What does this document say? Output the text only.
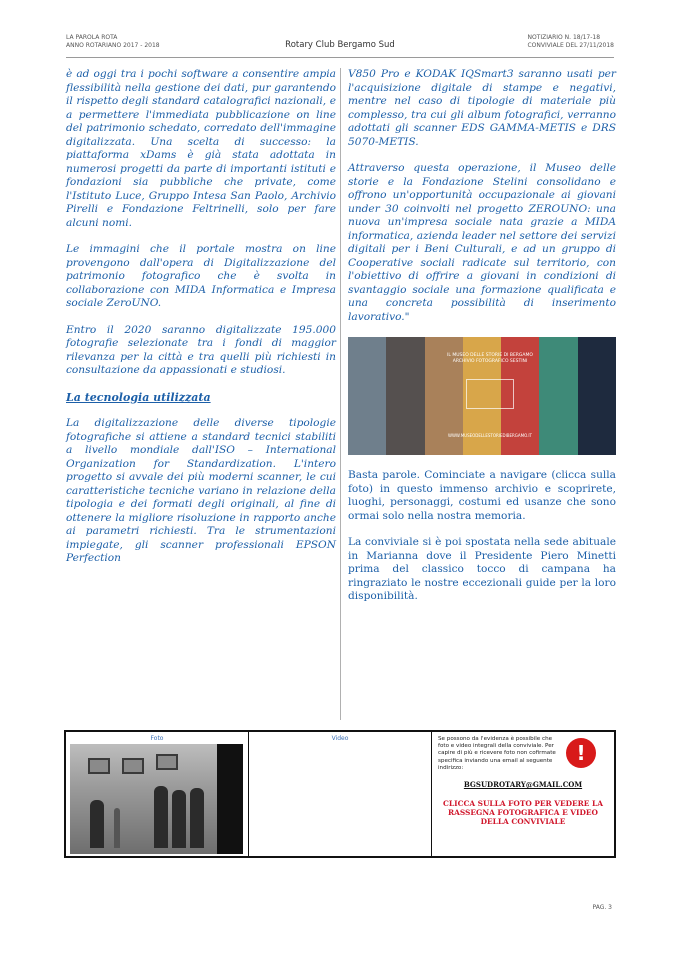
LA PAROLA ROTA
ANNO ROTARIANO 2017 - 2018	Rotary Club Bergamo Sud
NOTIZIARIO N. 18/17-18
CONVIVIALE DEL 27/11/2018

è ad oggi tra i pochi software a consentire ampia flessibilità nella gestione dei dati, pur garantendo il rispetto degli standard catalografici nazionali, e a permettere l'immediata pubblicazione on line del patrimonio schedato, corredato dell'immagine digitalizzata. Una scelta di successo: la piattaforma xDams è già stata adottata in numerosi progetti da parte di importanti istituti e fondazioni sia pubbliche che private, come l'Istituto Luce, Gruppo Intesa San Paolo, Archivio Pirelli e Fondazione Feltrinelli, solo per fare alcuni nomi.

Le immagini che il portale mostra on line provengono dall'opera di Digitalizzazione del patrimonio fotografico che è svolta in collaborazione con MIDA Informatica e Impresa sociale ZeroUNO.

Entro il 2020 saranno digitalizzate 195.000 fotografie selezionate tra i fondi di maggior rilevanza per la città e tra quelli più richiesti in consultazione da appassionati e studiosi.

La tecnologia utilizzata

La digitalizzazione delle diverse tipologie fotografiche si attiene a standard tecnici stabiliti a livello mondiale dall'ISO – International Organization for Standardization. L'intero progetto si avvale dei più moderni scanner, le cui caratteristiche tecniche variano in relazione della tipologia e dei formati degli originali, al fine di ottenere la migliore risoluzione in rapporto anche ai parametri richiesti. Tra le strumentazioni impiegate, gli scanner professionali EPSON Perfection

V850 Pro e KODAK IQSmart3 saranno usati per l'acquisizione digitale di stampe e negativi, mentre nel caso di tipologie di materiale più complesso, tra cui gli album fotografici, verranno adottati gli scanner EDS GAMMA-METIS e DRS 5070-METIS.

Attraverso questa operazione, il Museo delle storie e la Fondazione Stelini consolidano e offrono un'opportunità occupazionale ai giovani under 30 coinvolti nel progetto ZEROUNO: una nuova un'impresa sociale nata grazie a MIDA informatica, azienda leader nel settore dei servizi digitali per i Beni Culturali, e ad un gruppo di Cooperative sociali radicate sul territorio, con l'obiettivo di offrire a giovani in condizioni di svantaggio sociale una formazione qualificata e una concreta possibilità di inserimento lavorativo."

IL MUSEO DELLE STORIE DI BERGAMO ARCHIVIO FOTOGRAFICO SESTINI
WWW.MUSEODELLESTORIEDIBERGAMO.IT

Basta parole. Cominciate a navigare (clicca sulla foto) in questo immenso archivio e scoprirete, luoghi, personaggi, costumi ed usanze che sono ormai solo nella nostra memoria.

La conviviale si è poi spostata nella sede abituale in Marianna dove il Presidente Piero Minetti prima del classico tocco di campana ha ringraziato le nostre eccezionali guide per la loro disponibilità.

Foto	Video	Se possono da l'evidenza è possibile che foto e video integrali della conviviale. Per capire di più e ricevere foto non cofirmate specifica inviando una email al seguente indirizzo:
!
BGSUDROTARY@GMAIL.COM
CLICCA SULLA FOTO PER VEDERE LA RASSEGNA FOTOGRAFICA E VIDEO DELLA CONVIVIALE
PAG. 3
